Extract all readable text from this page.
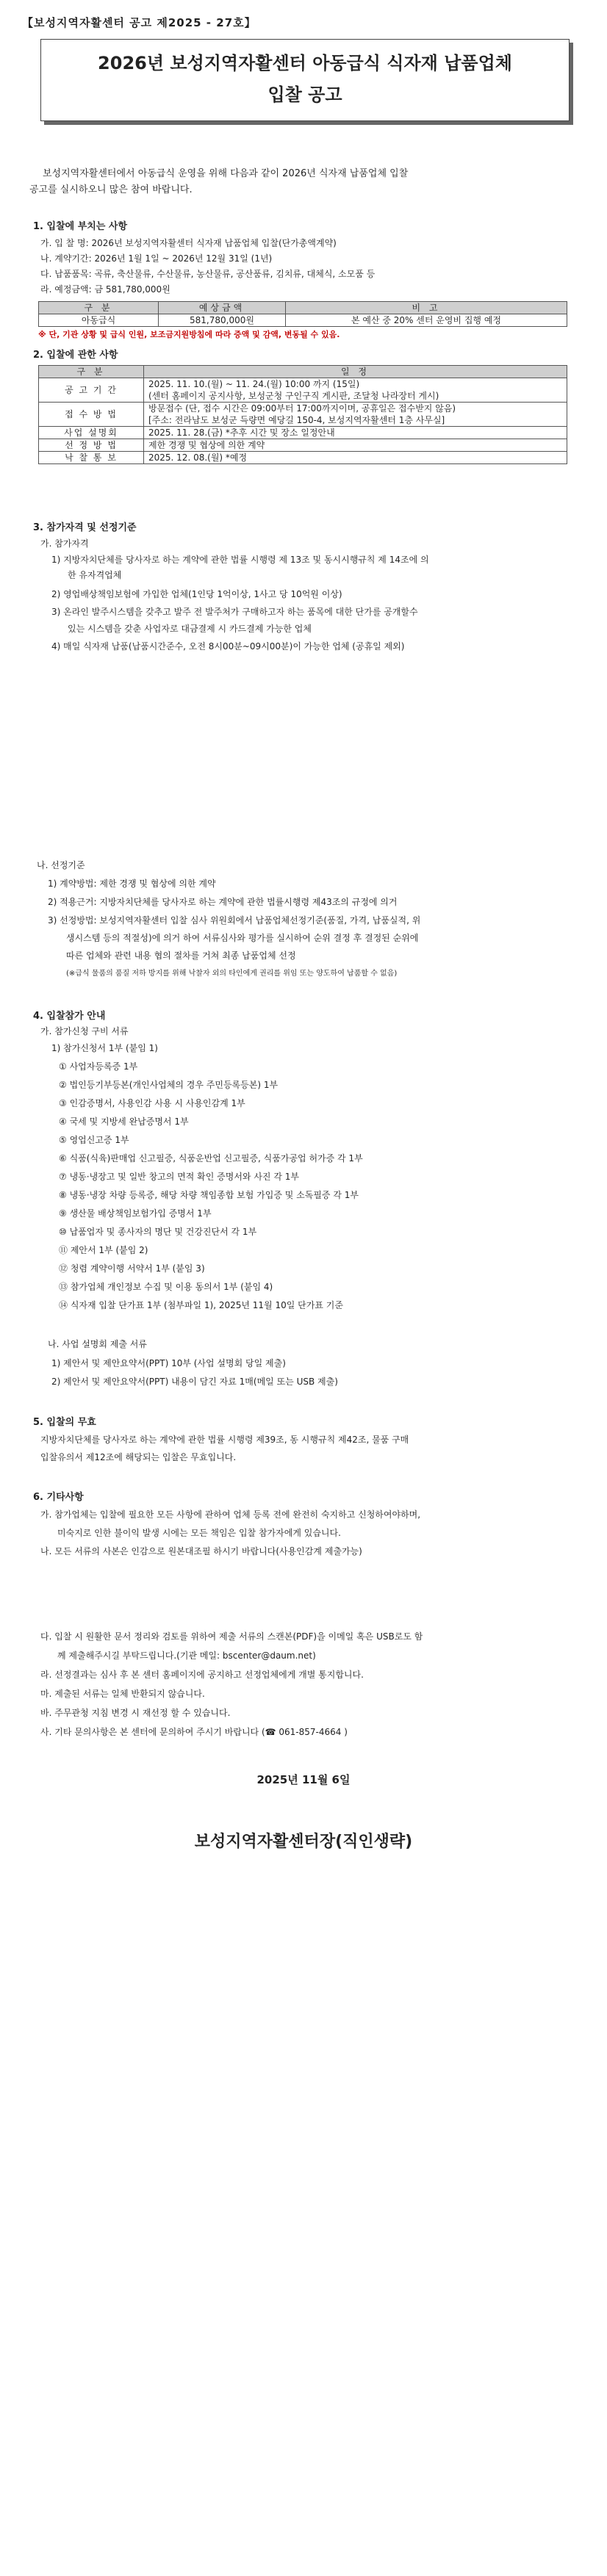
【보성지역자활센터 공고 제2025 - 27호】
2026년 보성지역자활센터 아동급식 식자재 납품업체
입찰 공고
보성지역자활센터에서 아동급식 운영을 위해 다음과 같이 2026년 식자재 납품업체 입찰
공고를 실시하오니 많은 참여 바랍니다.
1. 입찰에 부치는 사항
가. 입 찰 명: 2026년 보성지역자활센터 식자재 납품업체 입찰(단가총액계약)
나. 계약기간: 2026년 1월 1일 ~ 2026년 12월 31일 (1년)
다. 납품품목: 곡류, 축산물류, 수산물류, 농산물류, 공산품류, 김치류, 대체식, 소모품 등
라. 예정금액: 금 581,780,000원
구 분	예상금액	비 고
아동급식	581,780,000원	본 예산 중 20% 센터 운영비 집행 예정
※ 단, 기관 상황 및 급식 인원, 보조금지원방침에 따라 증액 및 감액, 변동될 수 있음.
2. 입찰에 관한 사항
구 분	일 정
공 고 기 간	2025. 11. 10.(월) ~ 11. 24.(월) 10:00 까지 (15일)
(센터 홈페이지 공지사항, 보성군청 구인구직 게시판, 조달청 나라장터 게시)

접 수 방 법	방문접수 (단, 접수 시간은 09:00부터 17:00까지이며, 공휴일은 접수받지 않음)
[주소: 전라남도 보성군 득량면 예당길 150-4, 보성지역자활센터 1층 사무실]

사업 설명회	2025. 11. 28.(금) *추후 시간 및 장소 일정안내
선 정 방 법	제한 경쟁 및 협상에 의한 계약
낙 찰 통 보	2025. 12. 08.(월) *예정
3. 참가자격 및 선정기준
가. 참가자격
1) 지방자치단체를 당사자로 하는 계약에 관한 법률 시행령 제 13조 및 동시시행규칙 제 14조에 의
한 유자격업체
2) 영업배상책임보험에 가입한 업체(1인당 1억이상, 1사고 당 10억원 이상)
3) 온라인 발주시스템을 갖추고 발주 전 발주처가 구매하고자 하는 품목에 대한 단가를 공개할수
있는 시스템을 갖춘 사업자로 대금결제 시 카드결제 가능한 업체
4) 매일 식자재 납품(납품시간준수, 오전 8시00분~09시00분)이 가능한 업체 (공휴일 제외)
나. 선정기준
1) 계약방법: 제한 경쟁 및 협상에 의한 계약
2) 적용근거: 지방자치단체를 당사자로 하는 계약에 관한 법률시행령 제43조의 규정에 의거
3) 선정방법: 보성지역자활센터 입찰 심사 위원회에서 납품업체선정기준(품질, 가격, 납품실적, 위
생시스템 등의 적절성)에 의거 하여 서류심사와 평가를 실시하여 순위 결정 후 결정된 순위에
따른 업체와 관련 내용 협의 절차를 거쳐 최종 납품업체 선정
(※급식 물품의 품질 저하 방지를 위해 낙찰자 외의 타인에게 권리를 위임 또는 양도하여 납품할 수 없음)
4. 입찰참가 안내
가. 참가신청 구비 서류
1) 참가신청서 1부 (붙임 1)
① 사업자등록증 1부
② 법인등기부등본(개인사업체의 경우 주민등록등본) 1부
③ 인감증명서, 사용인감 사용 시 사용인감계 1부
④ 국세 및 지방세 완납증명서 1부
⑤ 영업신고증 1부
⑥ 식품(식육)판매업 신고필증, 식품운반업 신고필증, 식품가공업 허가증 각 1부
⑦ 냉동·냉장고 및 일반 창고의 면적 확인 증명서와 사진 각 1부
⑧ 냉동·냉장 차량 등록증, 해당 차량 책임종합 보험 가입증 및 소독필증 각 1부
⑨ 생산물 배상책임보험가입 증명서 1부
⑩ 납품업자 및 종사자의 명단 및 건강진단서 각 1부
⑪ 제안서 1부 (붙임 2)
⑫ 청렴 계약이행 서약서 1부 (붙임 3)
⑬ 참가업체 개인정보 수집 및 이용 동의서 1부 (붙임 4)
⑭ 식자재 입찰 단가표 1부 (첨부파일 1), 2025년 11월 10일 단가표 기준
나. 사업 설명회 제출 서류
1) 제안서 및 제안요약서(PPT) 10부 (사업 설명회 당일 제출)
2) 제안서 및 제안요약서(PPT) 내용이 담긴 자료 1매(메일 또는 USB 제출)
5. 입찰의 무효
지방자치단체를 당사자로 하는 계약에 관한 법률 시행령 제39조, 동 시행규칙 제42조, 물품 구매
입찰유의서 제12조에 해당되는 입찰은 무효입니다.
6. 기타사항
가. 참가업체는 입찰에 필요한 모든 사항에 관하여 업체 등록 전에 완전히 숙지하고 신청하여야하며,
미숙지로 인한 불이익 발생 시에는 모든 책임은 입찰 참가자에게 있습니다.
나. 모든 서류의 사본은 인감으로 원본대조필 하시기 바랍니다(사용인감계 제출가능)
다. 입찰 시 원활한 문서 정리와 검토를 위하여 제출 서류의 스캔본(PDF)을 이메일 혹은 USB로도 함
께 제출해주시길 부탁드립니다.(기관 메일: bscenter@daum.net)
라. 선정결과는 심사 후 본 센터 홈페이지에 공지하고 선정업체에게 개별 통지합니다.
마. 제출된 서류는 일체 반환되지 않습니다.
바. 주무관청 지침 변경 시 재선정 할 수 있습니다.
사. 기타 문의사항은 본 센터에 문의하여 주시기 바랍니다 (☎ 061-857-4664 )
2025년 11월 6일
보성지역자활센터장(직인생략)
